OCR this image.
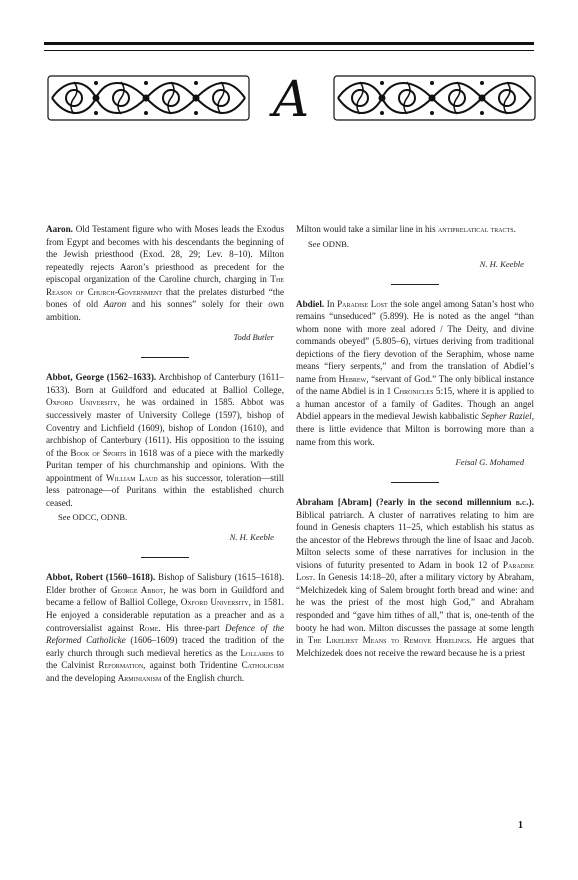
A

Aaron. Old Testament figure who with Moses leads the Exodus from Egypt and becomes with his descendants the beginning of the Jewish priesthood (Exod. 28, 29; Lev. 8–10). Milton repeatedly rejects Aaron’s priesthood as precedent for the episcopal organization of the Caroline church, charging in The Reason of Church-Government that the prelates disturbed “the bones of old Aaron and his sonnes” solely for their own ambition.

Todd Butler

Abbot, George (1562–1633). Archbishop of Canterbury (1611–1633). Born at Guildford and educated at Balliol College, Oxford University, he was ordained in 1585. Abbot was successively master of University College (1597), bishop of Coventry and Lichfield (1609), bishop of London (1610), and archbishop of Canterbury (1611). His opposition to the issuing of the Book of Sports in 1618 was of a piece with the markedly Puritan temper of his churchmanship and opinions. With the appointment of William Laud as his successor, toleration—still less patronage—of Puritans within the established church ceased.

See ODCC, ODNB.
N. H. Keeble

Abbot, Robert (1560–1618). Bishop of Salisbury (1615–1618). Elder brother of George Abbot, he was born in Guildford and became a fellow of Balliol College, Oxford University, in 1581. He enjoyed a considerable reputation as a preacher and as a controversialist against Rome. His three-part Defence of the Reformed Catholicke (1606–1609) traced the tradition of the early church through such medieval heretics as the Lollards to the Calvinist Reformation, against both Tridentine Catholicism and the developing Arminianism of the English church.

Milton would take a similar line in his antiprelatical tracts.

See ODNB.
N. H. Keeble

Abdiel. In Paradise Lost the sole angel among Satan’s host who remains “unseduced” (5.899). He is noted as the angel “than whom none with more zeal adored / The Deity, and divine commands obeyed” (5.805–6), virtues deriving from traditional depictions of the fiery devotion of the Seraphim, whose name means “fiery serpents,” and from the translation of Abdiel’s name from Hebrew, “servant of God.” The only biblical instance of the name Abdiel is in 1 Chronicles 5:15, where it is applied to a human ancestor of a family of Gadites. Though an angel Abdiel appears in the medieval Jewish kabbalistic Sepher Raziel, there is little evidence that Milton is borrowing more than a name from this work.

Feisal G. Mohamed

Abraham [Abram] (?early in the second millennium b.c.). Biblical patriarch. A cluster of narratives relating to him are found in Genesis chapters 11–25, which establish his status as the ancestor of the Hebrews through the line of Isaac and Jacob. Milton selects some of these narratives for inclusion in the visions of futurity presented to Adam in book 12 of Paradise Lost. In Genesis 14:18–20, after a military victory by Abraham, “Melchizedek king of Salem brought forth bread and wine: and he was the priest of the most high God,” and Abraham responded and “gave him tithes of all,” that is, one-tenth of the booty he had won. Milton discusses the passage at some length in The Likeliest Means to Remove Hirelings. He argues that Melchizedek does not receive the reward because he is a priest

1
